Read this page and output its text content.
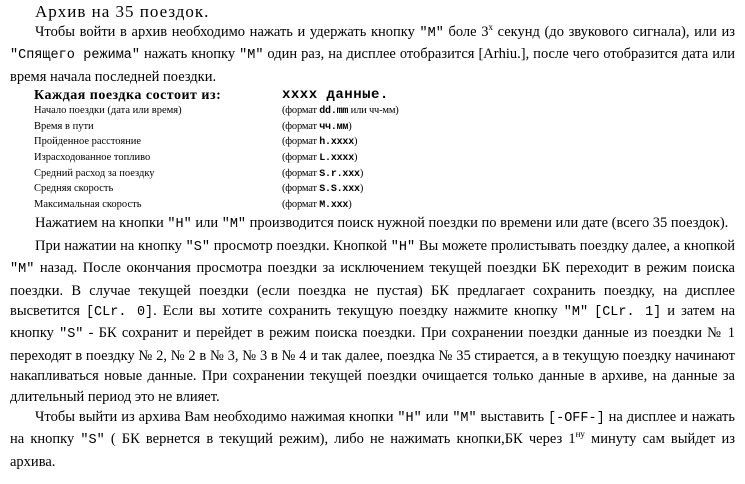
Архив на 35 поездок.

Чтобы войти в архив необходимо нажать и удержать кнопку "M" боле $3^х$ секунд (до звукового сигнала), или из "Спящего режима" нажать кнопку "M" один раз, на дисплее отобразится [Arhiu.], после чего отобразится дата или время начала последней поездки.

Каждая поездка состоит из:	xxxx данные.
Начало поездки (дата или время)	(формат dd.mm или чч-мм)
Время в пути	(формат чч.мм)
Пройденное расстояние	(формат h.xxxx)
Израсходованное топливо	(формат L.xxxx)
Средний расход за поездку	(формат S.r.xxx)
Средняя скорость	(формат S.S.xxx)
Максимальная скорость	(формат M.xxx)

Нажатием на кнопки "H" или "M" производится поиск нужной поездки по времени или дате (всего 35 поездок).

При нажатии на кнопку "S" просмотр поездки. Кнопкой "H" Вы можете пролистывать поездку далее, а кнопкой "M" назад. После окончания просмотра поездки за исключением текущей поездки БК переходит в режим поиска поездки. В случае текущей поездки (если поездка не пустая) БК предлагает сохранить поездку, на дисплее высветится [CLr. 0]. Если вы хотите сохранить текущую поездку нажмите кнопку "M" [CLr. 1] и затем на кнопку "S" - БК сохранит и перейдет в режим поиска поездки. При сохранении поездки данные из поездки № 1 переходят в поездку № 2, № 2 в № 3, № 3 в № 4 и так далее, поездка № 35 стирается, а в текущую поездку начинают накапливаться новые данные. При сохранении текущей поездки очищается только данные в архиве, на данные за длительный период это не влияет.

Чтобы выйти из архива Вам необходимо нажимая кнопки "H" или "M" выставить [-OFF-] на дисплее и нажать на кнопку "S" ( БК вернется в текущий режим), либо не нажимать кнопки,БК через $1^{ну}$ минуту сам выйдет из архива.
